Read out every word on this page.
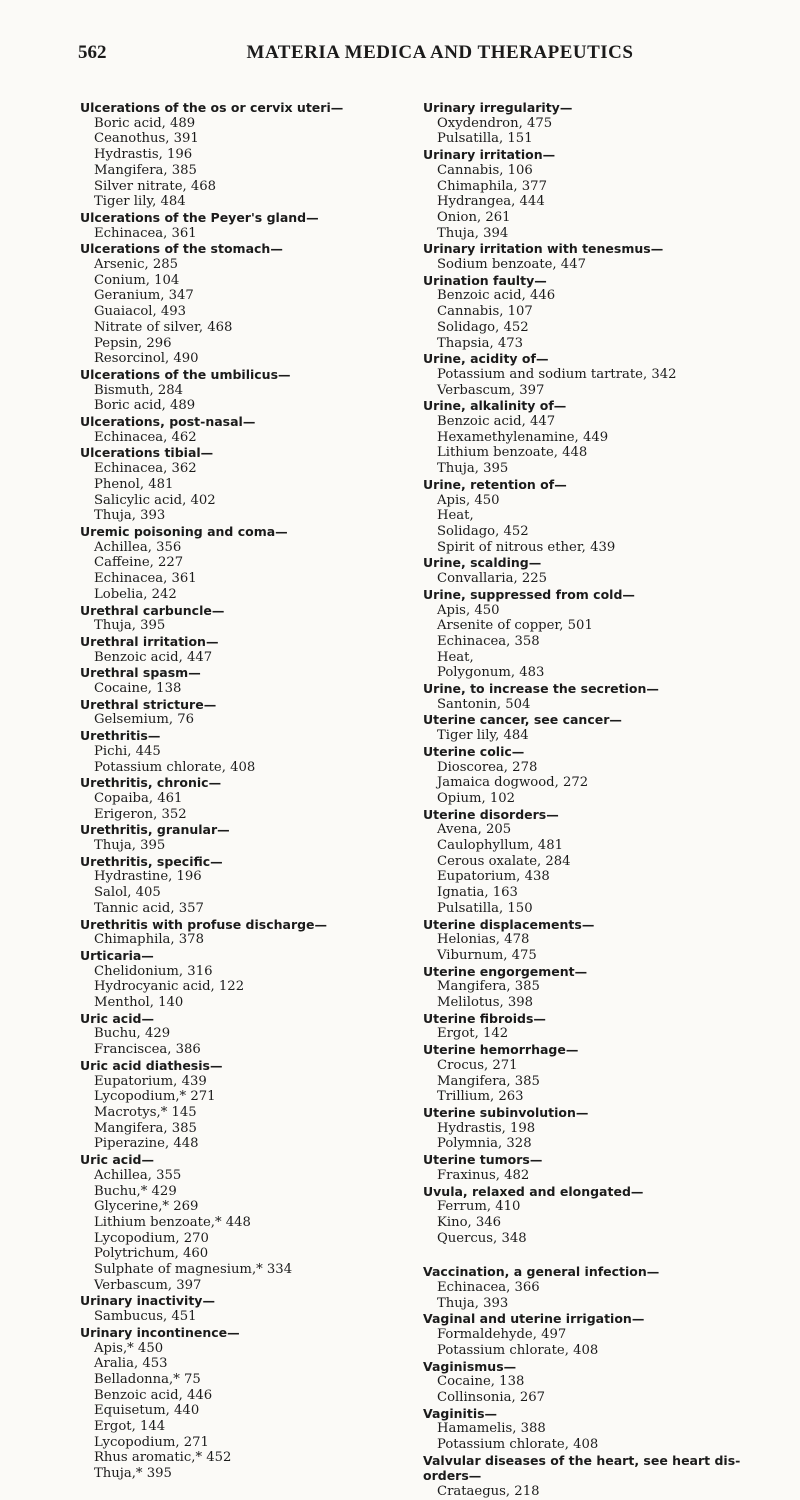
562	MATERIA MEDICA AND THERAPEUTICS
Ulcerations of the os or cervix uteri—
Boric acid, 489
Ceanothus, 391
Hydrastis, 196
Mangifera, 385
Silver nitrate, 468
Tiger lily, 484
Ulcerations of the Peyer's gland—
Echinacea, 361
Ulcerations of the stomach—
Arsenic, 285
Conium, 104
Geranium, 347
Guaiacol, 493
Nitrate of silver, 468
Pepsin, 296
Resorcinol, 490
Ulcerations of the umbilicus—
Bismuth, 284
Boric acid, 489
Ulcerations, post-nasal—
Echinacea, 462
Ulcerations tibial—
Echinacea, 362
Phenol, 481
Salicylic acid, 402
Thuja, 393
Uremic poisoning and coma—
Achillea, 356
Caffeine, 227
Echinacea, 361
Lobelia, 242
Urethral carbuncle—
Thuja, 395
Urethral irritation—
Benzoic acid, 447
Urethral spasm—
Cocaine, 138
Urethral stricture—
Gelsemium, 76
Urethritis—
Pichi, 445
Potassium chlorate, 408
Urethritis, chronic—
Copaiba, 461
Erigeron, 352
Urethritis, granular—
Thuja, 395
Urethritis, specific—
Hydrastine, 196
Salol, 405
Tannic acid, 357
Urethritis with profuse discharge—
Chimaphila, 378
Urticaria—
Chelidonium, 316
Hydrocyanic acid, 122
Menthol, 140
Uric acid—
Buchu, 429
Franciscea, 386
Uric acid diathesis—
Eupatorium, 439
Lycopodium,* 271
Macrotys,* 145
Mangifera, 385
Piperazine, 448
Uric acid—
Achillea, 355
Buchu,* 429
Glycerine,* 269
Lithium benzoate,* 448
Lycopodium, 270
Polytrichum, 460
Sulphate of magnesium,* 334
Verbascum, 397
Urinary inactivity—
Sambucus, 451
Urinary incontinence—
Apis,* 450
Aralia, 453
Belladonna,* 75
Benzoic acid, 446
Equisetum, 440
Ergot, 144
Lycopodium, 271
Rhus aromatic,* 452
Thuja,* 395
Urinary irregularity—
Oxydendron, 475
Pulsatilla, 151
Urinary irritation—
Cannabis, 106
Chimaphila, 377
Hydrangea, 444
Onion, 261
Thuja, 394
Urinary irritation with tenesmus—
Sodium benzoate, 447
Urination faulty—
Benzoic acid, 446
Cannabis, 107
Solidago, 452
Thapsia, 473
Urine, acidity of—
Potassium and sodium tartrate, 342
Verbascum, 397
Urine, alkalinity of—
Benzoic acid, 447
Hexamethylenamine, 449
Lithium benzoate, 448
Thuja, 395
Urine, retention of—
Apis, 450
Heat,
Solidago, 452
Spirit of nitrous ether, 439
Urine, scalding—
Convallaria, 225
Urine, suppressed from cold—
Apis, 450
Arsenite of copper, 501
Echinacea, 358
Heat,
Polygonum, 483
Urine, to increase the secretion—
Santonin, 504
Uterine cancer, see cancer—
Tiger lily, 484
Uterine colic—
Dioscorea, 278
Jamaica dogwood, 272
Opium, 102
Uterine disorders—
Avena, 205
Caulophyllum, 481
Cerous oxalate, 284
Eupatorium, 438
Ignatia, 163
Pulsatilla, 150
Uterine displacements—
Helonias, 478
Viburnum, 475
Uterine engorgement—
Mangifera, 385
Melilotus, 398
Uterine fibroids—
Ergot, 142
Uterine hemorrhage—
Crocus, 271
Mangifera, 385
Trillium, 263
Uterine subinvolution—
Hydrastis, 198
Polymnia, 328
Uterine tumors—
Fraxinus, 482
Uvula, relaxed and elongated—
Ferrum, 410
Kino, 346
Quercus, 348
Vaccination, a general infection—
Echinacea, 366
Thuja, 393
Vaginal and uterine irrigation—
Formaldehyde, 497
Potassium chlorate, 408
Vaginismus—
Cocaine, 138
Collinsonia, 267
Vaginitis—
Hamamelis, 388
Potassium chlorate, 408
Valvular diseases of the heart, see heart dis-
orders—
Crataegus, 218
